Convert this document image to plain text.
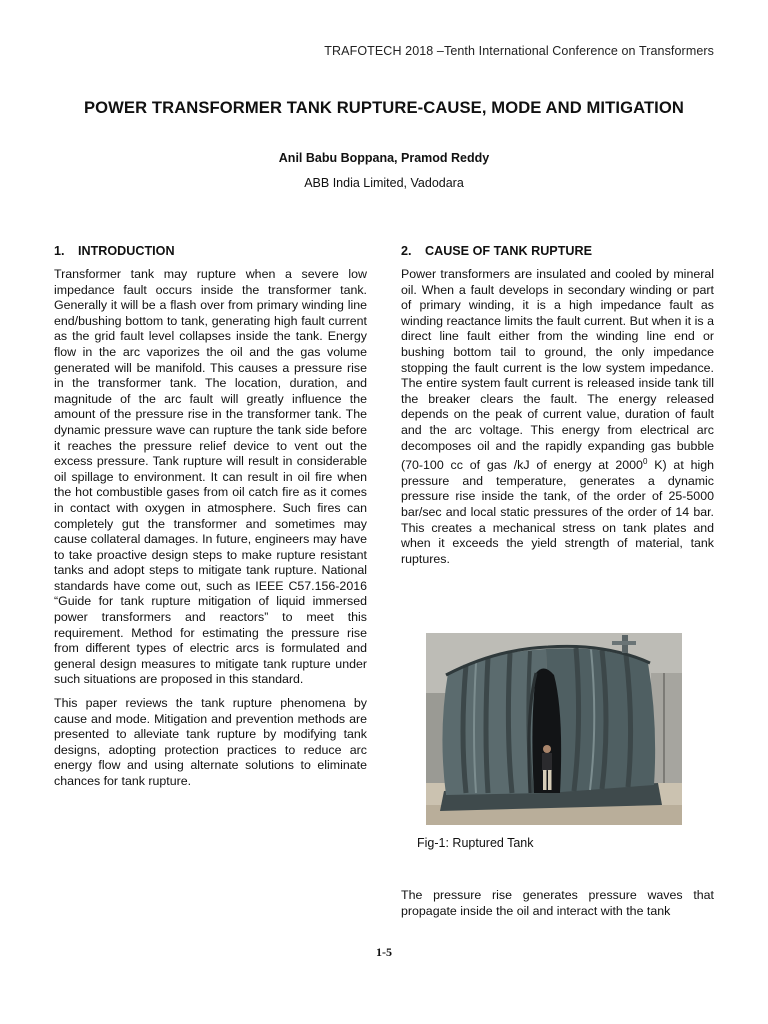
TRAFOTECH 2018 –Tenth International Conference on Transformers
POWER TRANSFORMER TANK RUPTURE-CAUSE, MODE AND MITIGATION
Anil Babu Boppana, Pramod Reddy
ABB India Limited, Vadodara
1. INTRODUCTION

Transformer tank may rupture when a severe low impedance fault occurs inside the transformer tank. Generally it will be a flash over from primary winding line end/bushing bottom to tank, generating high fault current as the grid fault level collapses inside the tank. Energy flow in the arc vaporizes the oil and the gas volume generated will be manifold. This causes a pressure rise in the transformer tank. The location, duration, and magnitude of the arc fault will greatly influence the amount of the pressure rise in the transformer tank. The dynamic pressure wave can rupture the tank side before it reaches the pressure relief device to vent out the excess pressure. Tank rupture will result in considerable oil spillage to environment. It can result in oil fire when the hot combustible gases from oil catch fire as it comes in contact with oxygen in atmosphere. Such fires can completely gut the transformer and sometimes may cause collateral damages. In future, engineers may have to take proactive design steps to make rupture resistant tanks and adopt steps to mitigate tank rupture. National standards have come out, such as IEEE C57.156-2016 “Guide for tank rupture mitigation of liquid immersed power transformers and reactors” to meet this requirement. Method for estimating the pressure rise from different types of electric arcs is formulated and general design measures to mitigate tank rupture under such situations are proposed in this standard.

This paper reviews the tank rupture phenomena by cause and mode. Mitigation and prevention methods are presented to alleviate tank rupture by modifying tank designs, adopting protection practices to reduce arc energy flow and using alternate solutions to eliminate chances for tank rupture.

2. CAUSE OF TANK RUPTURE

Power transformers are insulated and cooled by mineral oil. When a fault develops in secondary winding or part of primary winding, it is a high impedance fault as winding reactance limits the fault current. But when it is a direct line fault either from the winding line end or bushing bottom tail to ground, the only impedance stopping the fault current is the low system impedance. The entire system fault current is released inside tank till the breaker clears the fault. The energy released depends on the peak of current value, duration of fault and the arc voltage. This energy from electrical arc decomposes oil and the rapidly expanding gas bubble (70-100 cc of gas /kJ of energy at 2000$^0$ K) at high pressure and temperature, generates a dynamic pressure rise inside the tank, of the order of 25-5000 bar/sec and local static pressures of the order of 14 bar. This creates a mechanical stress on tank plates and when it exceeds the yield strength of material, tank ruptures.

Fig-1: Ruptured Tank

The pressure rise generates pressure waves that propagate inside the oil and interact with the tank

1-5
